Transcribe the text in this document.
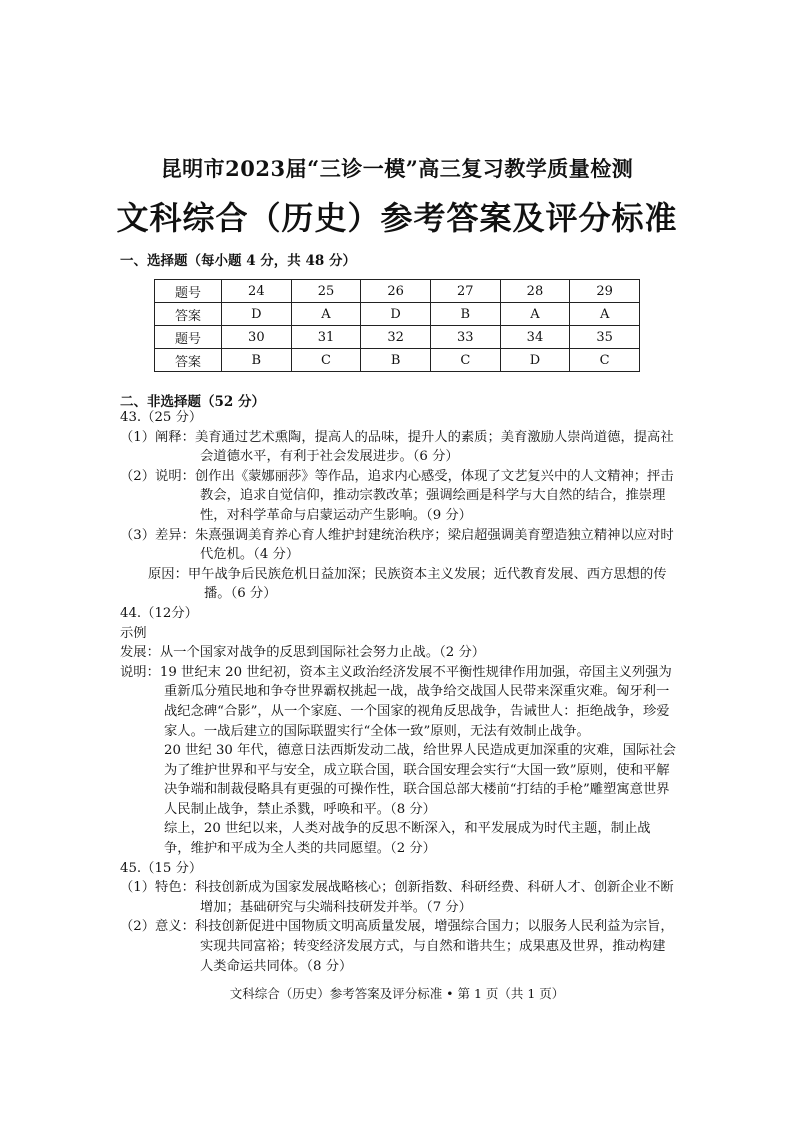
昆明市2023届“三诊一模”高三复习教学质量检测
文科综合（历史）参考答案及评分标准
一、选择题（每小题 4 分，共 48 分）
题号	24	25	26	27	28	29
答案	D	A	D	B	A	A
题号	30	31	32	33	34	35
答案	B	C	B	C	D	C
二、非选择题（52 分）
43.（25 分）
（1）阐释：美育通过艺术熏陶，提高人的品味，提升人的素质；美育激励人崇尚道德，提高社会道德水平，有利于社会发展进步。（6 分）
（2）说明：创作出《蒙娜丽莎》等作品，追求内心感受，体现了文艺复兴中的人文精神；抨击教会，追求自觉信仰，推动宗教改革；强调绘画是科学与大自然的结合，推崇理性，对科学革命与启蒙运动产生影响。（9 分）
（3）差异：朱熹强调美育养心育人维护封建统治秩序；梁启超强调美育塑造独立精神以应对时代危机。（4 分）
原因：甲午战争后民族危机日益加深；民族资本主义发展；近代教育发展、西方思想的传播。（6 分）
44.（12分）
示例
发展：从一个国家对战争的反思到国际社会努力止战。（2 分）
说明：19 世纪末 20 世纪初，资本主义政治经济发展不平衡性规律作用加强，帝国主义列强为重新瓜分殖民地和争夺世界霸权挑起一战，战争给交战国人民带来深重灾难。匈牙利一战纪念碑“合影”，从一个家庭、一个国家的视角反思战争，告诫世人：拒绝战争，珍爱家人。一战后建立的国际联盟实行“全体一致”原则，无法有效制止战争。
20 世纪 30 年代，德意日法西斯发动二战，给世界人民造成更加深重的灾难，国际社会为了维护世界和平与安全，成立联合国，联合国安理会实行“大国一致”原则，使和平解决争端和制裁侵略具有更强的可操作性，联合国总部大楼前“打结的手枪”雕塑寓意世界人民制止战争，禁止杀戮，呼唤和平。（8 分）
综上，20 世纪以来，人类对战争的反思不断深入，和平发展成为时代主题，制止战争，维护和平成为全人类的共同愿望。（2 分）
45.（15 分）
（1）特色：科技创新成为国家发展战略核心；创新指数、科研经费、科研人才、创新企业不断增加；基础研究与尖端科技研发并举。（7 分）
（2）意义：科技创新促进中国物质文明高质量发展，增强综合国力；以服务人民利益为宗旨，实现共同富裕；转变经济发展方式，与自然和谐共生；成果惠及世界，推动构建人类命运共同体。（8 分）
文科综合（历史）参考答案及评分标准 • 第 1 页（共 1 页）
